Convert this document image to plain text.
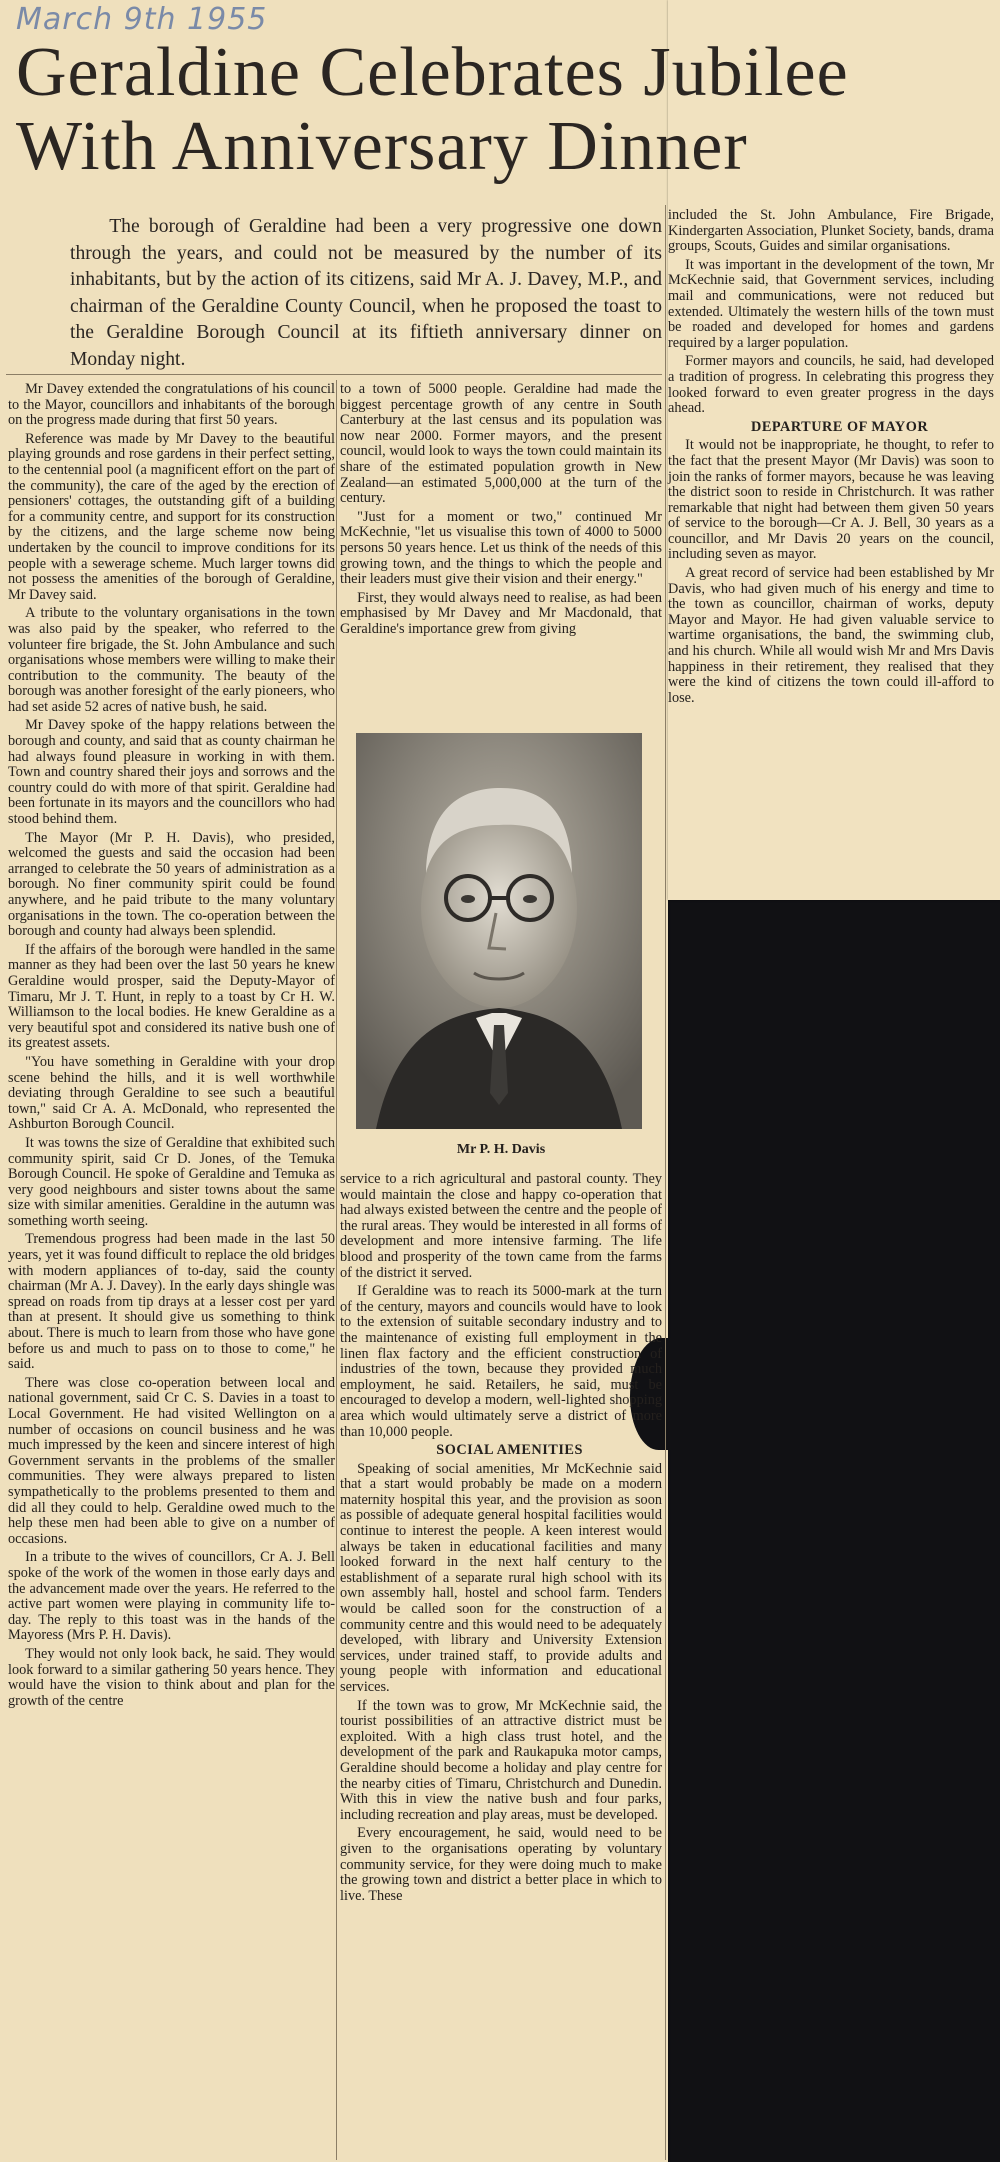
March 9th 1955
Geraldine Celebrates Jubilee With Anniversary Dinner

The borough of Geraldine had been a very progressive one down through the years, and could not be measured by the number of its inhabitants, but by the action of its citizens, said Mr A. J. Davey, M.P., and chairman of the Geraldine County Council, when he proposed the toast to the Geraldine Borough Council at its fiftieth anniversary dinner on Monday night.

Mr Davey extended the congratulations of his council to the Mayor, councillors and inhabitants of the borough on the progress made during that first 50 years.

Reference was made by Mr Davey to the beautiful playing grounds and rose gardens in their perfect setting, to the centennial pool (a magnificent effort on the part of the community), the care of the aged by the erection of pensioners' cottages, the outstanding gift of a building for a community centre, and support for its construction by the citizens, and the large scheme now being undertaken by the council to improve conditions for its people with a sewerage scheme. Much larger towns did not possess the amenities of the borough of Geraldine, Mr Davey said.

A tribute to the voluntary organisations in the town was also paid by the speaker, who referred to the volunteer fire brigade, the St. John Ambulance and such organisations whose members were willing to make their contribution to the community. The beauty of the borough was another foresight of the early pioneers, who had set aside 52 acres of native bush, he said.

Mr Davey spoke of the happy relations between the borough and county, and said that as county chairman he had always found pleasure in working in with them. Town and country shared their joys and sorrows and the country could do with more of that spirit. Geraldine had been fortunate in its mayors and the councillors who had stood behind them.

The Mayor (Mr P. H. Davis), who presided, welcomed the guests and said the occasion had been arranged to celebrate the 50 years of administration as a borough. No finer community spirit could be found anywhere, and he paid tribute to the many voluntary organisations in the town. The co-operation between the borough and county had always been splendid.

If the affairs of the borough were handled in the same manner as they had been over the last 50 years he knew Geraldine would prosper, said the Deputy-Mayor of Timaru, Mr J. T. Hunt, in reply to a toast by Cr H. W. Williamson to the local bodies. He knew Geraldine as a very beautiful spot and considered its native bush one of its greatest assets.

"You have something in Geraldine with your drop scene behind the hills, and it is well worthwhile deviating through Geraldine to see such a beautiful town," said Cr A. A. McDonald, who represented the Ashburton Borough Council.

It was towns the size of Geraldine that exhibited such community spirit, said Cr D. Jones, of the Temuka Borough Council. He spoke of Geraldine and Temuka as very good neighbours and sister towns about the same size with similar amenities. Geraldine in the autumn was something worth seeing.

Tremendous progress had been made in the last 50 years, yet it was found difficult to replace the old bridges with modern appliances of to-day, said the county chairman (Mr A. J. Davey). In the early days shingle was spread on roads from tip drays at a lesser cost per yard than at present. It should give us something to think about. There is much to learn from those who have gone before us and much to pass on to those to come," he said.

There was close co-operation between local and national government, said Cr C. S. Davies in a toast to Local Government. He had visited Wellington on a number of occasions on council business and he was much impressed by the keen and sincere interest of high Government servants in the problems of the smaller communities. They were always prepared to listen sympathetically to the problems presented to them and did all they could to help. Geraldine owed much to the help these men had been able to give on a number of occasions.

In a tribute to the wives of councillors, Cr A. J. Bell spoke of the work of the women in those early days and the advancement made over the years. He referred to the active part women were playing in community life to-day. The reply to this toast was in the hands of the Mayoress (Mrs P. H. Davis).

They would not only look back, he said. They would look forward to a similar gathering 50 years hence. They would have the vision to think about and plan for the growth of the centre

to a town of 5000 people. Geraldine had made the biggest percentage growth of any centre in South Canterbury at the last census and its population was now near 2000. Former mayors, and the present council, would look to ways the town could maintain its share of the estimated population growth in New Zealand—an estimated 5,000,000 at the turn of the century.

"Just for a moment or two," continued Mr McKechnie, "let us visualise this town of 4000 to 5000 persons 50 years hence. Let us think of the needs of this growing town, and the things to which the people and their leaders must give their vision and their energy."

First, they would always need to realise, as had been emphasised by Mr Davey and Mr Macdonald, that Geraldine's importance grew from giving

Mr P. H. Davis

service to a rich agricultural and pastoral county. They would maintain the close and happy co-operation that had always existed between the centre and the people of the rural areas. They would be interested in all forms of development and more intensive farming. The life blood and prosperity of the town came from the farms of the district it served.

If Geraldine was to reach its 5000-mark at the turn of the century, mayors and councils would have to look to the extension of suitable secondary industry and to the maintenance of existing full employment in the linen flax factory and the efficient construction of industries of the town, because they provided much employment, he said. Retailers, he said, must be encouraged to develop a modern, well-lighted shopping area which would ultimately serve a district of more than 10,000 people.

SOCIAL AMENITIES

Speaking of social amenities, Mr McKechnie said that a start would probably be made on a modern maternity hospital this year, and the provision as soon as possible of adequate general hospital facilities would continue to interest the people. A keen interest would always be taken in educational facilities and many looked forward in the next half century to the establishment of a separate rural high school with its own assembly hall, hostel and school farm. Tenders would be called soon for the construction of a community centre and this would need to be adequately developed, with library and University Extension services, under trained staff, to provide adults and young people with information and educational services.

If the town was to grow, Mr McKechnie said, the tourist possibilities of an attractive district must be exploited. With a high class trust hotel, and the development of the park and Raukapuka motor camps, Geraldine should become a holiday and play centre for the nearby cities of Timaru, Christchurch and Dunedin. With this in view the native bush and four parks, including recreation and play areas, must be developed.

Every encouragement, he said, would need to be given to the organisations operating by voluntary community service, for they were doing much to make the growing town and district a better place in which to live. These

included the St. John Ambulance, Fire Brigade, Kindergarten Association, Plunket Society, bands, drama groups, Scouts, Guides and similar organisations.

It was important in the development of the town, Mr McKechnie said, that Government services, including mail and communications, were not reduced but extended. Ultimately the western hills of the town must be roaded and developed for homes and gardens required by a larger population.

Former mayors and councils, he said, had developed a tradition of progress. In celebrating this progress they looked forward to even greater progress in the days ahead.

DEPARTURE OF MAYOR

It would not be inappropriate, he thought, to refer to the fact that the present Mayor (Mr Davis) was soon to join the ranks of former mayors, because he was leaving the district soon to reside in Christchurch. It was rather remarkable that night had between them given 50 years of service to the borough—Cr A. J. Bell, 30 years as a councillor, and Mr Davis 20 years on the council, including seven as mayor.

A great record of service had been established by Mr Davis, who had given much of his energy and time to the town as councillor, chairman of works, deputy Mayor and Mayor. He had given valuable service to wartime organisations, the band, the swimming club, and his church. While all would wish Mr and Mrs Davis happiness in their retirement, they realised that they were the kind of citizens the town could ill-afford to lose.
